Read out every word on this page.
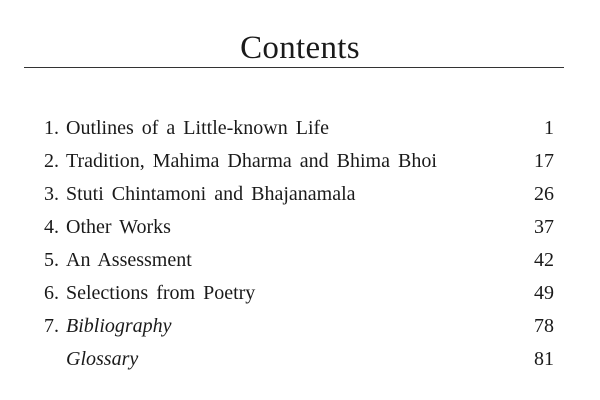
Contents
1. Outlines of a Little-known Life	1
2. Tradition, Mahima Dharma and Bhima Bhoi	17
3. Stuti Chintamoni and Bhajanamala	26
4. Other Works	37
5. An Assessment	42
6. Selections from Poetry	49
7. Bibliography	78
Glossary	81
